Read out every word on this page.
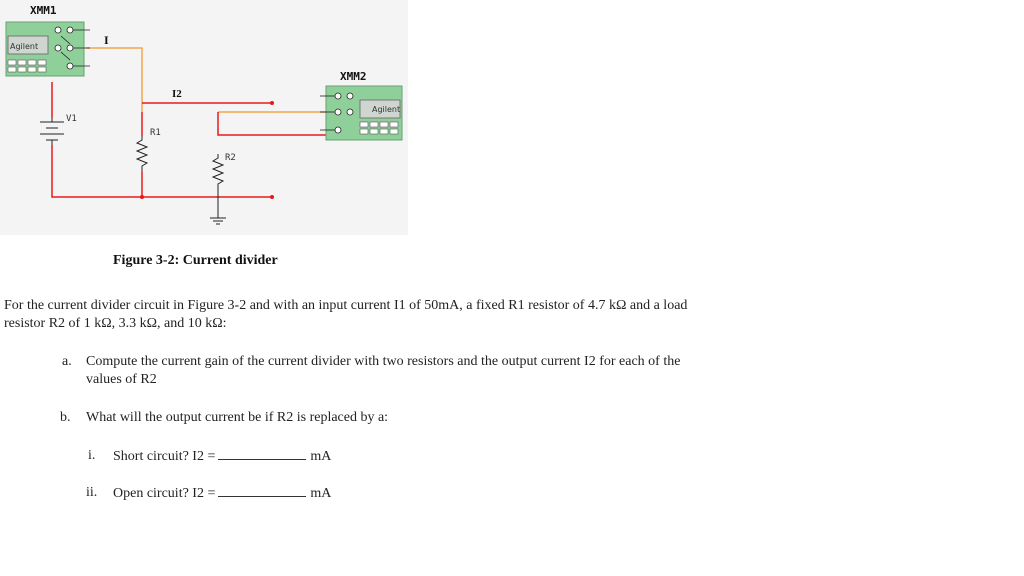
XMM1
Agilent	I
V1
R1
I2
R2
XMM2
Agilent
Figure 3-2: Current divider
For the current divider circuit in Figure 3-2 and with an input current I1 of 50mA, a fixed R1 resistor of 4.7 kΩ and a load resistor R2 of 1 kΩ, 3.3 kΩ, and 10 kΩ:
a. Compute the current gain of the current divider with two resistors and the output current I2 for each of the values of R2
b. What will the output current be if R2 is replaced by a:
i. Short circuit? I2 =	mA
ii. Open circuit? I2 =	mA
